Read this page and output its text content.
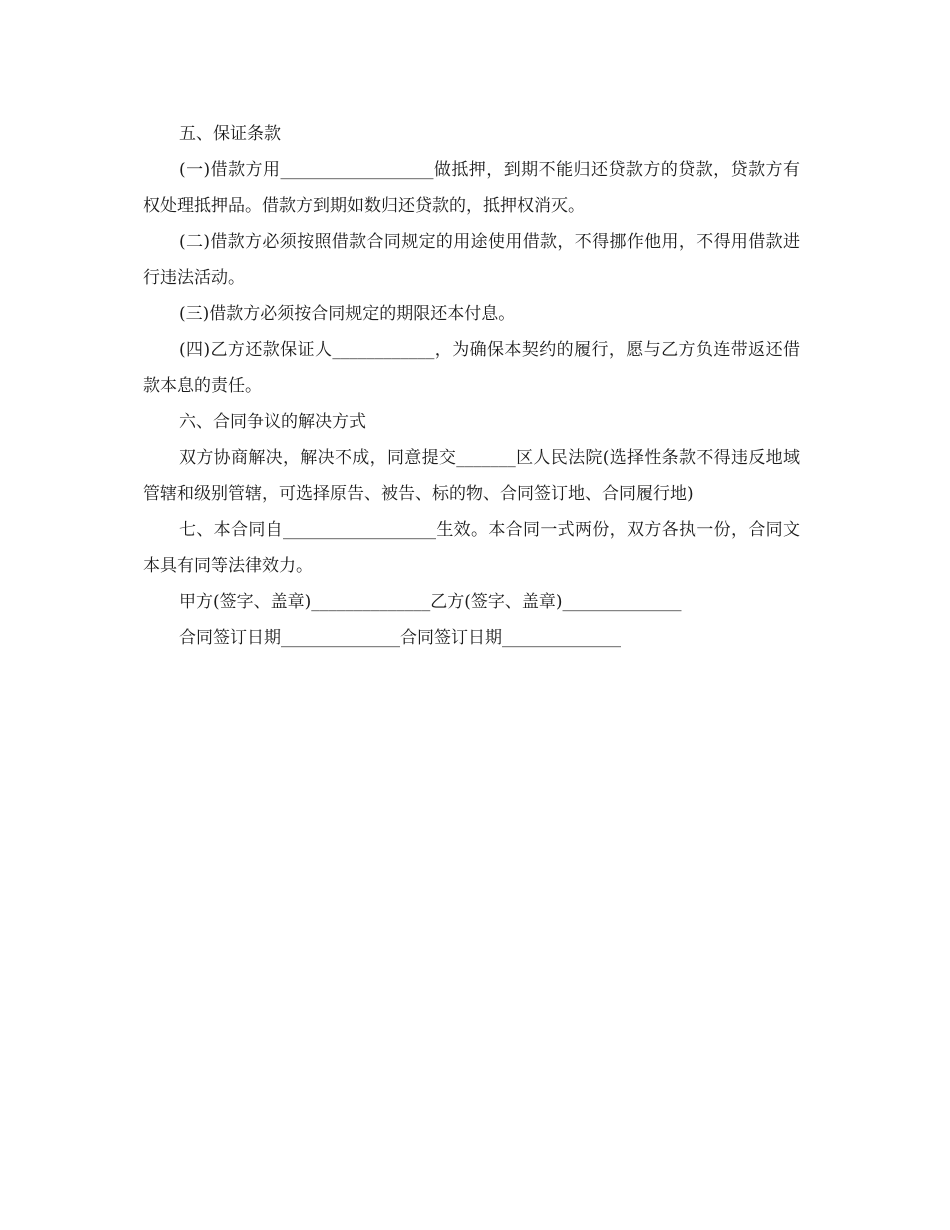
五、保证条款

(一)借款方用__________________做抵押，到期不能归还贷款方的贷款，贷款方有权处理抵押品。借款方到期如数归还贷款的，抵押权消灭。

(二)借款方必须按照借款合同规定的用途使用借款，不得挪作他用，不得用借款进行违法活动。

(三)借款方必须按合同规定的期限还本付息。

(四)乙方还款保证人____________，为确保本契约的履行，愿与乙方负连带返还借款本息的责任。

六、合同争议的解决方式

双方协商解决，解决不成，同意提交_______区人民法院(选择性条款不得违反地域管辖和级别管辖，可选择原告、被告、标的物、合同签订地、合同履行地)

七、本合同自__________________生效。本合同一式两份，双方各执一份，合同文本具有同等法律效力。

甲方(签字、盖章)______________乙方(签字、盖章)______________
合同签订日期______________合同签订日期______________
